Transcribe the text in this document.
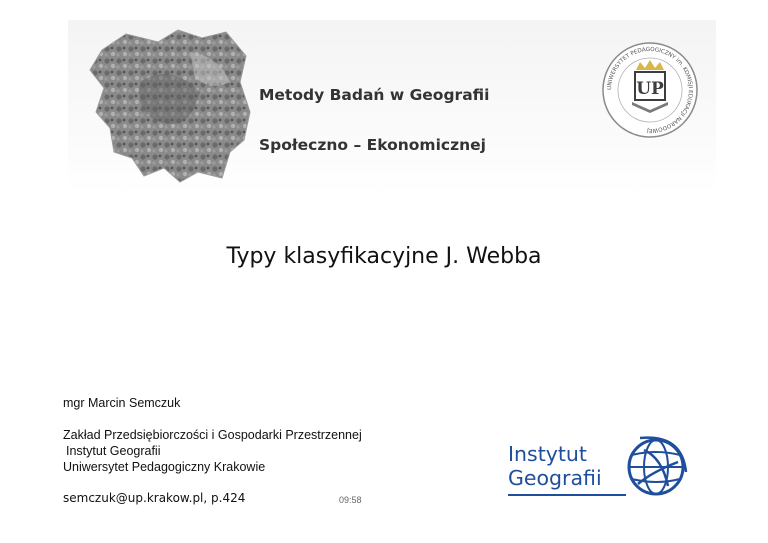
Metody Badań w Geografii
Społeczno – Ekonomicznej
UNIWERSYTET PEDAGOGICZNY im. KOMISJI EDUKACJI NARODOWEJ
UP
Typy klasyfikacyjne J. Webba
mgr Marcin Semczuk
Zakład Przedsiębiorczości i Gospodarki Przestrzennej
Instytut Geografii
Uniwersytet Pedagogiczny Krakowie
semczuk@up.krakow.pl, p.424	09:58
Instytut
Geografii
